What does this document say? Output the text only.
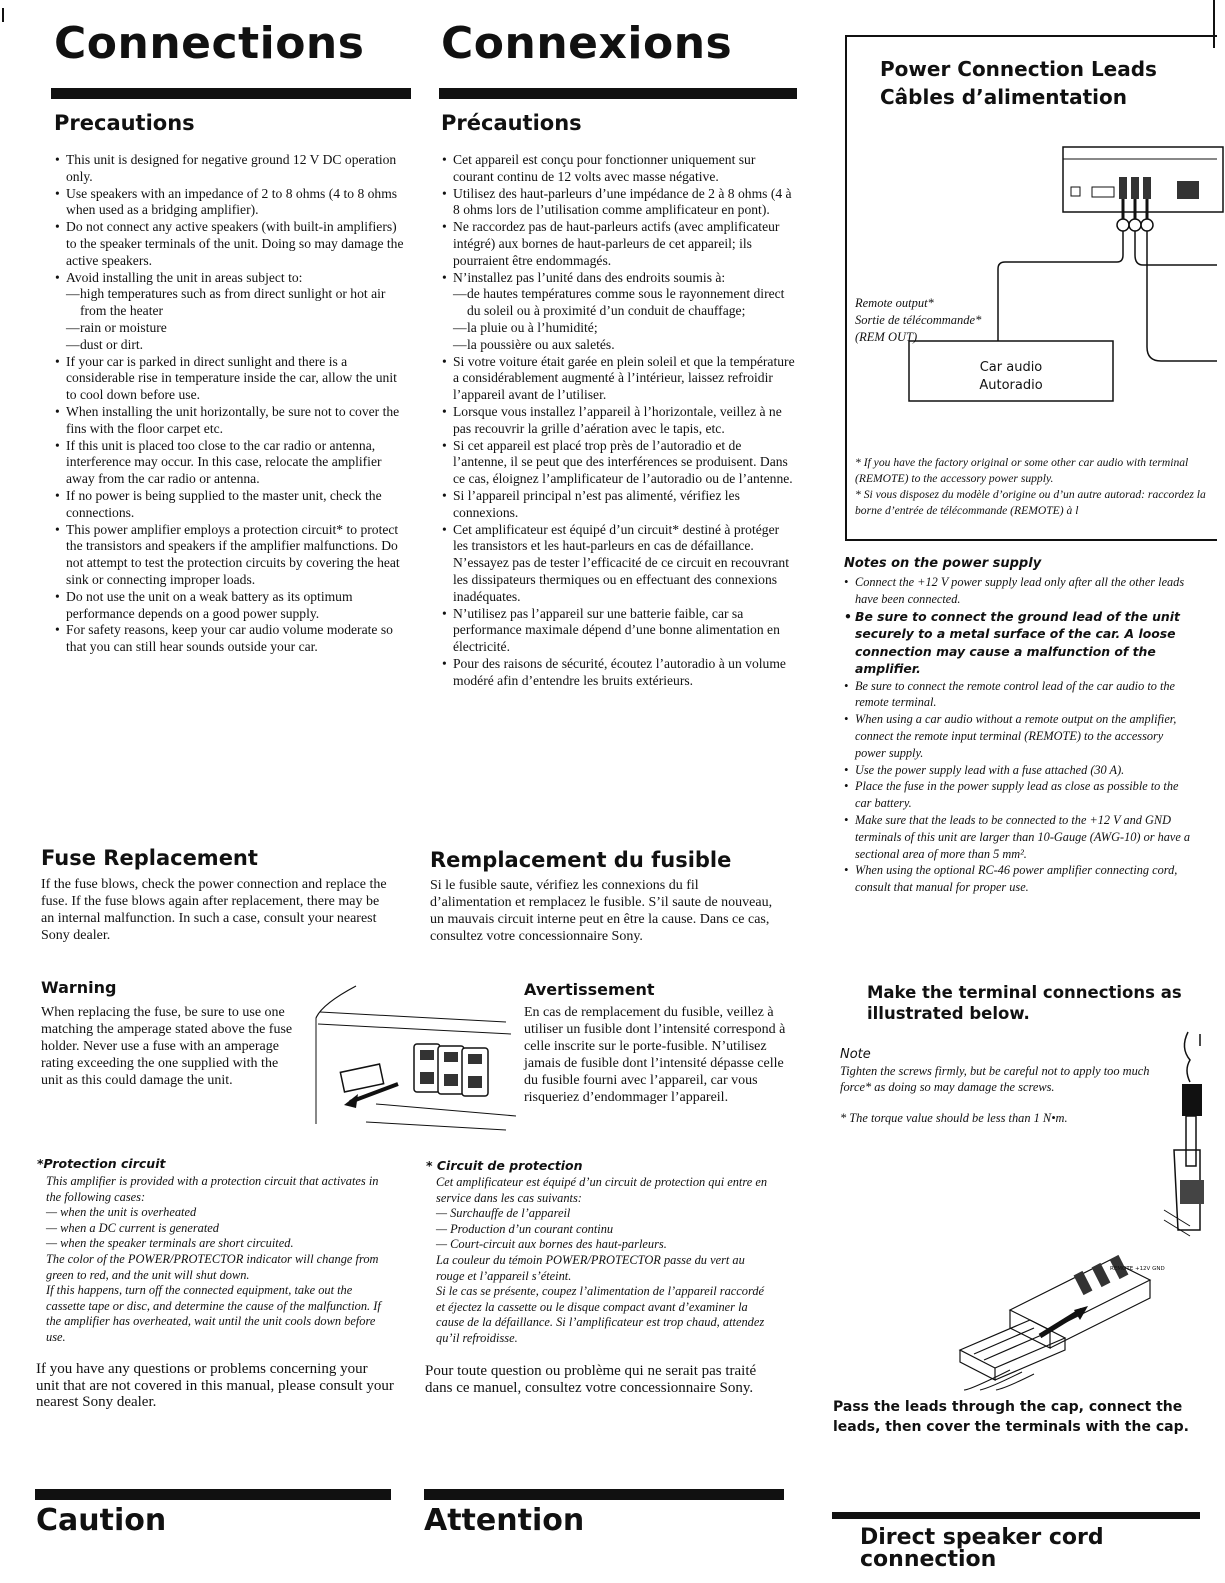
Connections Connexions
Precautions
• This unit is designed for negative ground 12 V DC operation only.
• Use speakers with an impedance of 2 to 8 ohms (4 to 8 ohms when used as a bridging amplifier).
• Do not connect any active speakers (with built-in amplifiers) to the speaker terminals of the unit. Doing so may damage the active speakers.
• Avoid installing the unit in areas subject to:
— high temperatures such as from direct sunlight or hot air from the heater
— rain or moisture
— dust or dirt.
• If your car is parked in direct sunlight and there is a considerable rise in temperature inside the car, allow the unit to cool down before use.
• When installing the unit horizontally, be sure not to cover the fins with the floor carpet etc.
• If this unit is placed too close to the car radio or antenna, interference may occur. In this case, relocate the amplifier away from the car radio or antenna.
• If no power is being supplied to the master unit, check the connections.
• This power amplifier employs a protection circuit* to protect the transistors and speakers if the amplifier malfunctions. Do not attempt to test the protection circuits by covering the heat sink or connecting improper loads.
• Do not use the unit on a weak battery as its optimum performance depends on a good power supply.
• For safety reasons, keep your car audio volume moderate so that you can still hear sounds outside your car.
Précautions
• Cet appareil est conçu pour fonctionner uniquement sur courant continu de 12 volts avec masse négative.
• Utilisez des haut-parleurs d’une impédance de 2 à 8 ohms (4 à 8 ohms lors de l’utilisation comme amplificateur en pont).
• Ne raccordez pas de haut-parleurs actifs (avec amplificateur intégré) aux bornes de haut-parleurs de cet appareil; ils pourraient être endommagés.
• N’installez pas l’unité dans des endroits soumis à:
— de hautes températures comme sous le rayonnement direct du soleil ou à proximité d’un conduit de chauffage;
— la pluie ou à l’humidité;
— la poussière ou aux saletés.
• Si votre voiture était garée en plein soleil et que la température a considérablement augmenté à l’intérieur, laissez refroidir l’appareil avant de l’utiliser.
• Lorsque vous installez l’appareil à l’horizontale, veillez à ne pas recouvrir la grille d’aération avec le tapis, etc.
• Si cet appareil est placé trop près de l’autoradio et de l’antenne, il se peut que des interférences se produisent. Dans ce cas, éloignez l’amplificateur de l’autoradio ou de l’antenne.
• Si l’appareil principal n’est pas alimenté, vérifiez les connexions.
• Cet amplificateur est équipé d’un circuit* destiné à protéger les transistors et les haut-parleurs en cas de défaillance. N’essayez pas de tester l’efficacité de ce circuit en recouvrant les dissipateurs thermiques ou en effectuant des connexions inadéquates.
• N’utilisez pas l’appareil sur une batterie faible, car sa performance maximale dépend d’une bonne alimentation en électricité.
• Pour des raisons de sécurité, écoutez l’autoradio à un volume modéré afin d’entendre les bruits extérieurs.
Power Connection Leads
Câbles d’alimentation
Remote output*
Sortie de télécommande*
(REM OUT)
Car audio
Autoradio
* If you have the factory original or some other car audio with terminal (REMOTE) to the accessory power supply.
* Si vous disposez du modèle d’origine ou d’un autre autorad: raccordez la borne d’entrée de télécommande (REMOTE) à l
Notes on the power supply
• Connect the +12 V power supply lead only after all the other leads have been connected.
• Be sure to connect the ground lead of the unit securely to a metal surface of the car. A loose connection may cause a malfunction of the amplifier.
• Be sure to connect the remote control lead of the car audio to the remote terminal.
• When using a car audio without a remote output on the amplifier, connect the remote input terminal (REMOTE) to the accessory power supply.
• Use the power supply lead with a fuse attached (30 A).
• Place the fuse in the power supply lead as close as possible to the car battery.
• Make sure that the leads to be connected to the +12 V and GND terminals of this unit are larger than 10-Gauge (AWG-10) or have a sectional area of more than 5 mm².
• When using the optional RC-46 power amplifier connecting cord, consult that manual for proper use.
Fuse Replacement

If the fuse blows, check the power connection and replace the fuse. If the fuse blows again after replacement, there may be an internal malfunction. In such a case, consult your nearest Sony dealer.

Remplacement du fusible

Si le fusible saute, vérifiez les connexions du fil d’alimentation et remplacez le fusible. S’il saute de nouveau, un mauvais circuit interne peut en être la cause. Dans ce cas, consultez votre concessionnaire Sony.

Warning

When replacing the fuse, be sure to use one matching the amperage stated above the fuse holder. Never use a fuse with an amperage rating exceeding the one supplied with the unit as this could damage the unit.

Avertissement

En cas de remplacement du fusible, veillez à utiliser un fusible dont l’intensité correspond à celle inscrite sur le porte-fusible. N’utilisez jamais de fusible dont l’intensité dépasse celle du fusible fourni avec l’appareil, car vous risqueriez d’endommager l’appareil.

Make the terminal connections as illustrated below.
Note

Tighten the screws firmly, but be careful not to apply too much force* as doing so may damage the screws.

* The torque value should be less than 1 N•m.

REMOTE +12V GND
Pass the leads through the cap, connect the leads, then cover the terminals with the cap.
*Protection circuit
This amplifier is provided with a protection circuit that activates in the following cases:
— when the unit is overheated
— when a DC current is generated
— when the speaker terminals are short circuited.
The color of the POWER/PROTECTOR indicator will change from green to red, and the unit will shut down.
If this happens, turn off the connected equipment, take out the cassette tape or disc, and determine the cause of the malfunction. If the amplifier has overheated, wait until the unit cools down before use.
* Circuit de protection
Cet amplificateur est équipé d’un circuit de protection qui entre en service dans les cas suivants:
— Surchauffe de l’appareil
— Production d’un courant continu
— Court-circuit aux bornes des haut-parleurs.
La couleur du témoin POWER/PROTECTOR passe du vert au rouge et l’appareil s’éteint.
Si le cas se présente, coupez l’alimentation de l’appareil raccordé et éjectez la cassette ou le disque compact avant d’examiner la cause de la défaillance. Si l’amplificateur est trop chaud, attendez qu’il refroidisse.

If you have any questions or problems concerning your unit that are not covered in this manual, please consult your nearest Sony dealer.

Pour toute question ou problème qui ne serait pas traité dans ce manuel, consultez votre concessionnaire Sony.

Caution	Attention	Direct speaker cord connection
